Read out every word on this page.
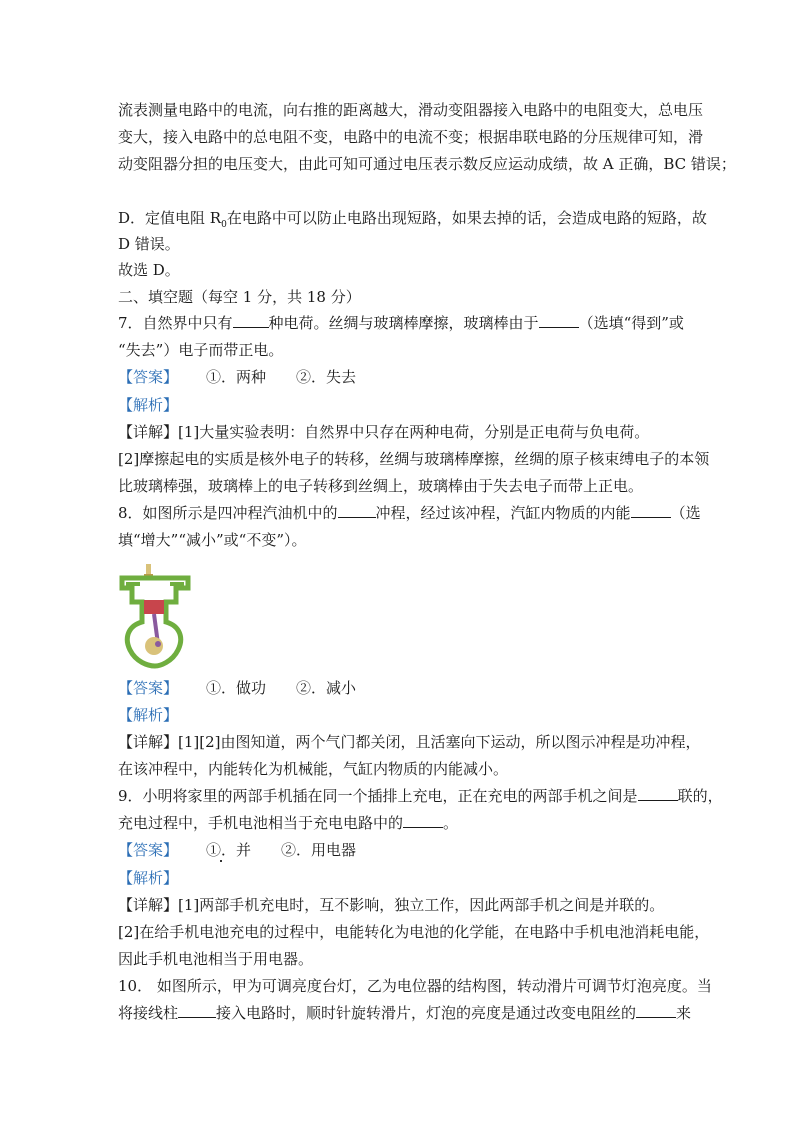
流表测量电路中的电流，向右推的距离越大，滑动变阻器接入电路中的电阻变大，总电压
变大，接入电路中的总电阻不变，电路中的电流不变；根据串联电路的分压规律可知，滑
动变阻器分担的电压变大，由此可知可通过电压表示数反应运动成绩，故 A 正确，BC 错误；
D．定值电阻 $R_0$在电路中可以防止电路出现短路，如果去掉的话，会造成电路的短路，故
D 错误。
故选 D。
二、填空题（每空 1 分，共 18 分）
7．自然界中只有 种电荷。丝绸与玻璃棒摩擦，玻璃棒由于	（选填“得到”或
“失去”）电子而带正电。
【答案】 ①．两种　　②．失去
【解析】
【详解】[1]大量实验表明：自然界中只存在两种电荷，分别是正电荷与负电荷。
[2]摩擦起电的实质是核外电子的转移，丝绸与玻璃棒摩擦，丝绸的原子核束缚电子的本领
比玻璃棒强，玻璃棒上的电子转移到丝绸上，玻璃棒由于失去电子而带上正电。
8．如图所示是四冲程汽油机中的	冲程，经过该冲程，汽缸内物质的内能	（选
填“增大”“减小”或“不变”）。
【答案】 ①．做功　　②．减小
【解析】
【详解】[1][2]由图知道，两个气门都关闭，且活塞向下运动，所以图示冲程是功冲程，
在该冲程中，内能转化为机械能，气缸内物质的内能减小。
9．小明将家里的两部手机插在同一个插排上充电，正在充电的两部手机之间是	联的，
充电过程中，手机电池相当于充电电路中的	。
【答案】 ①．并　　②．用电器
【解析】
【详解】[1]两部手机充电时，互不影响，独立工作，因此两部手机之间是并联的。
[2]在给手机电池充电的过程中，电能转化为电池的化学能，在电路中手机电池消耗电能，
因此手机电池相当于用电器。
10． 如图所示，甲为可调亮度台灯，乙为电位器的结构图，转动滑片可调节灯泡亮度。当
将接线柱	接入电路时，顺时针旋转滑片，灯泡的亮度是通过改变电阻丝的	来
